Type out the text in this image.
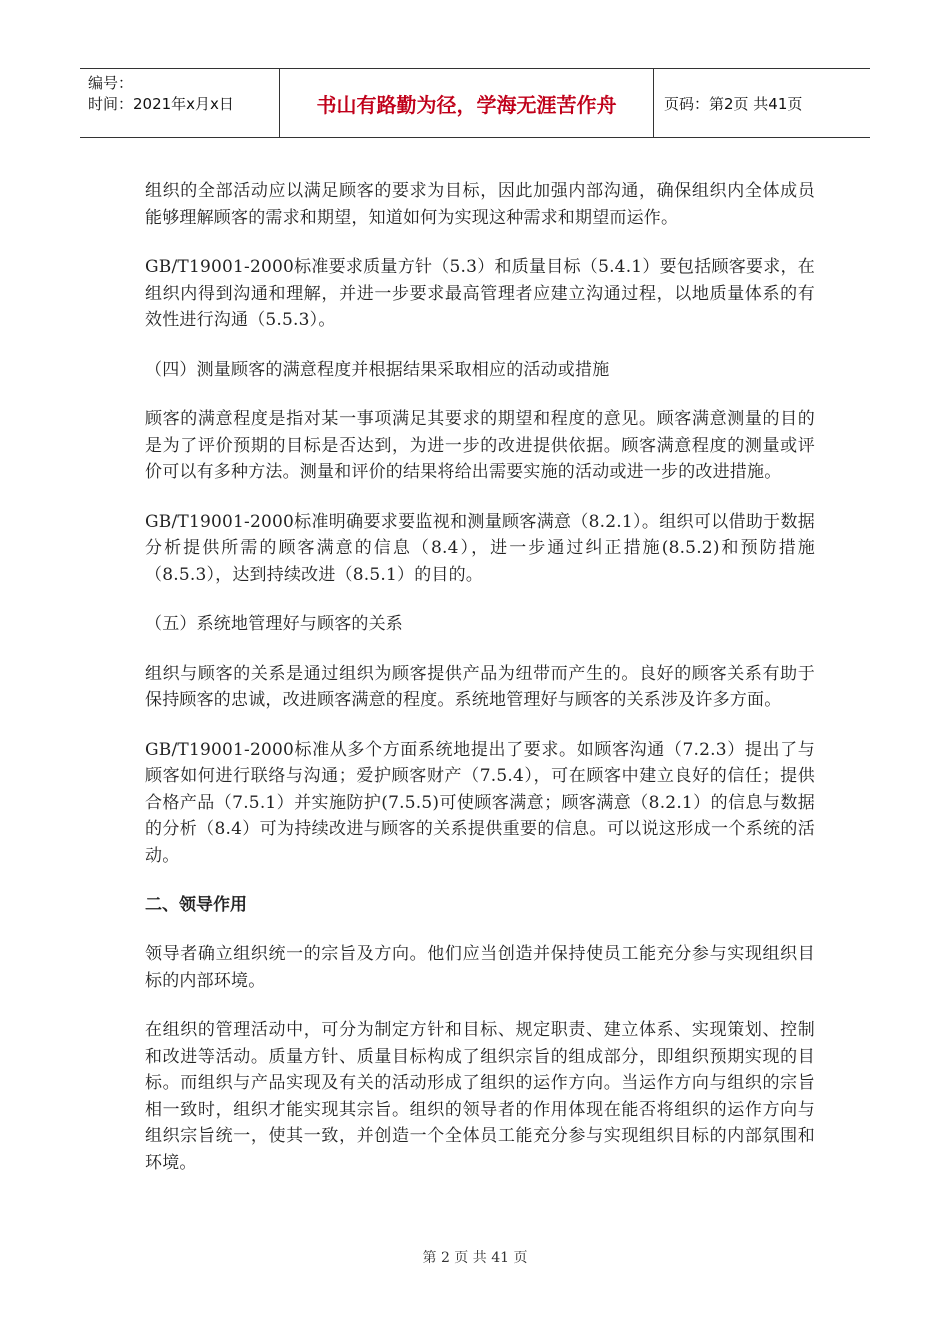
编号：
时间：2021年x月x日	书山有路勤为径，学海无涯苦作舟	页码：第2页 共41页

组织的全部活动应以满足顾客的要求为目标，因此加强内部沟通，确保组织内全体成员能够理解顾客的需求和期望，知道如何为实现这种需求和期望而运作。

GB/T19001-2000标准要求质量方针（5.3）和质量目标（5.4.1）要包括顾客要求，在组织内得到沟通和理解，并进一步要求最高管理者应建立沟通过程，以地质量体系的有效性进行沟通（5.5.3）。

（四）测量顾客的满意程度并根据结果采取相应的活动或措施

顾客的满意程度是指对某一事项满足其要求的期望和程度的意见。顾客满意测量的目的是为了评价预期的目标是否达到，为进一步的改进提供依据。顾客满意程度的测量或评价可以有多种方法。测量和评价的结果将给出需要实施的活动或进一步的改进措施。

GB/T19001-2000标准明确要求要监视和测量顾客满意（8.2.1）。组织可以借助于数据分析提供所需的顾客满意的信息（8.4），进一步通过纠正措施(8.5.2)和预防措施（8.5.3），达到持续改进（8.5.1）的目的。

（五）系统地管理好与顾客的关系

组织与顾客的关系是通过组织为顾客提供产品为纽带而产生的。良好的顾客关系有助于保持顾客的忠诚，改进顾客满意的程度。系统地管理好与顾客的关系涉及许多方面。

GB/T19001-2000标准从多个方面系统地提出了要求。如顾客沟通（7.2.3）提出了与顾客如何进行联络与沟通；爱护顾客财产（7.5.4），可在顾客中建立良好的信任；提供合格产品（7.5.1）并实施防护(7.5.5)可使顾客满意；顾客满意（8.2.1）的信息与数据的分析（8.4）可为持续改进与顾客的关系提供重要的信息。可以说这形成一个系统的活动。

二、领导作用

领导者确立组织统一的宗旨及方向。他们应当创造并保持使员工能充分参与实现组织目标的内部环境。

在组织的管理活动中，可分为制定方针和目标、规定职责、建立体系、实现策划、控制和改进等活动。质量方针、质量目标构成了组织宗旨的组成部分，即组织预期实现的目标。而组织与产品实现及有关的活动形成了组织的运作方向。当运作方向与组织的宗旨相一致时，组织才能实现其宗旨。组织的领导者的作用体现在能否将组织的运作方向与组织宗旨统一，使其一致，并创造一个全体员工能充分参与实现组织目标的内部氛围和环境。

第 2 页 共 41 页
